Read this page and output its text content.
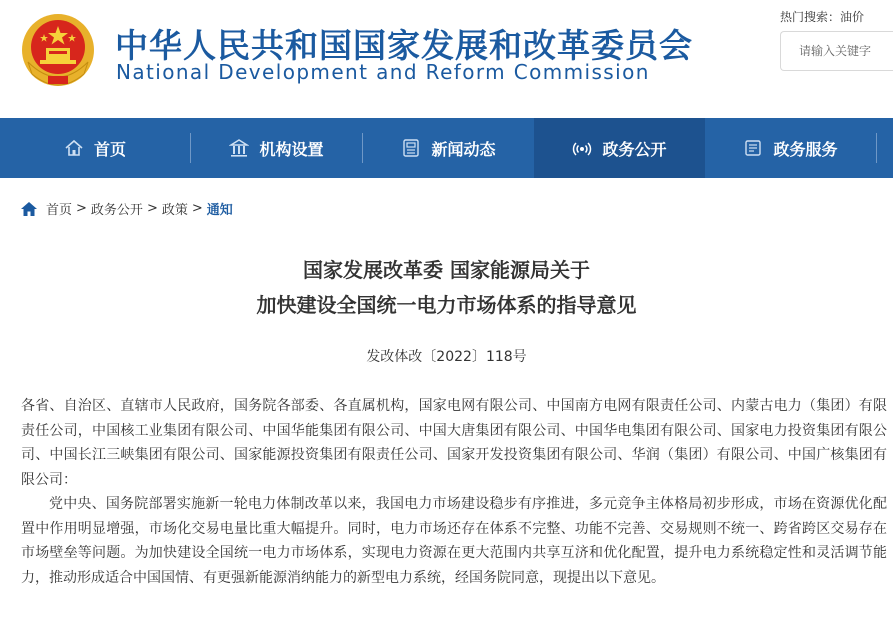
中华人民共和国国家发展和改革委员会
National Development and Reform Commission
热门搜索：油价
请输入关键字
首页	机构设置	新闻动态	政务公开	政务服务
首页 > 政务公开 > 政策 > 通知
国家发展改革委 国家能源局关于
加快建设全国统一电力市场体系的指导意见
发改体改〔2022〕118号
各省、自治区、直辖市人民政府，国务院各部委、各直属机构，国家电网有限公司、中国南方电网有限责任公司、内蒙古电力（集团）有限责任公司，中国核工业集团有限公司、中国华能集团有限公司、中国大唐集团有限公司、中国华电集团有限公司、国家电力投资集团有限公司、中国长江三峡集团有限公司、国家能源投资集团有限责任公司、国家开发投资集团有限公司、华润（集团）有限公司、中国广核集团有限公司：
党中央、国务院部署实施新一轮电力体制改革以来，我国电力市场建设稳步有序推进，多元竞争主体格局初步形成，市场在资源优化配置中作用明显增强，市场化交易电量比重大幅提升。同时，电力市场还存在体系不完整、功能不完善、交易规则不统一、跨省跨区交易存在市场壁垒等问题。为加快建设全国统一电力市场体系，实现电力资源在更大范围内共享互济和优化配置，提升电力系统稳定性和灵活调节能力，推动形成适合中国国情、有更强新能源消纳能力的新型电力系统，经国务院同意，现提出以下意见。
